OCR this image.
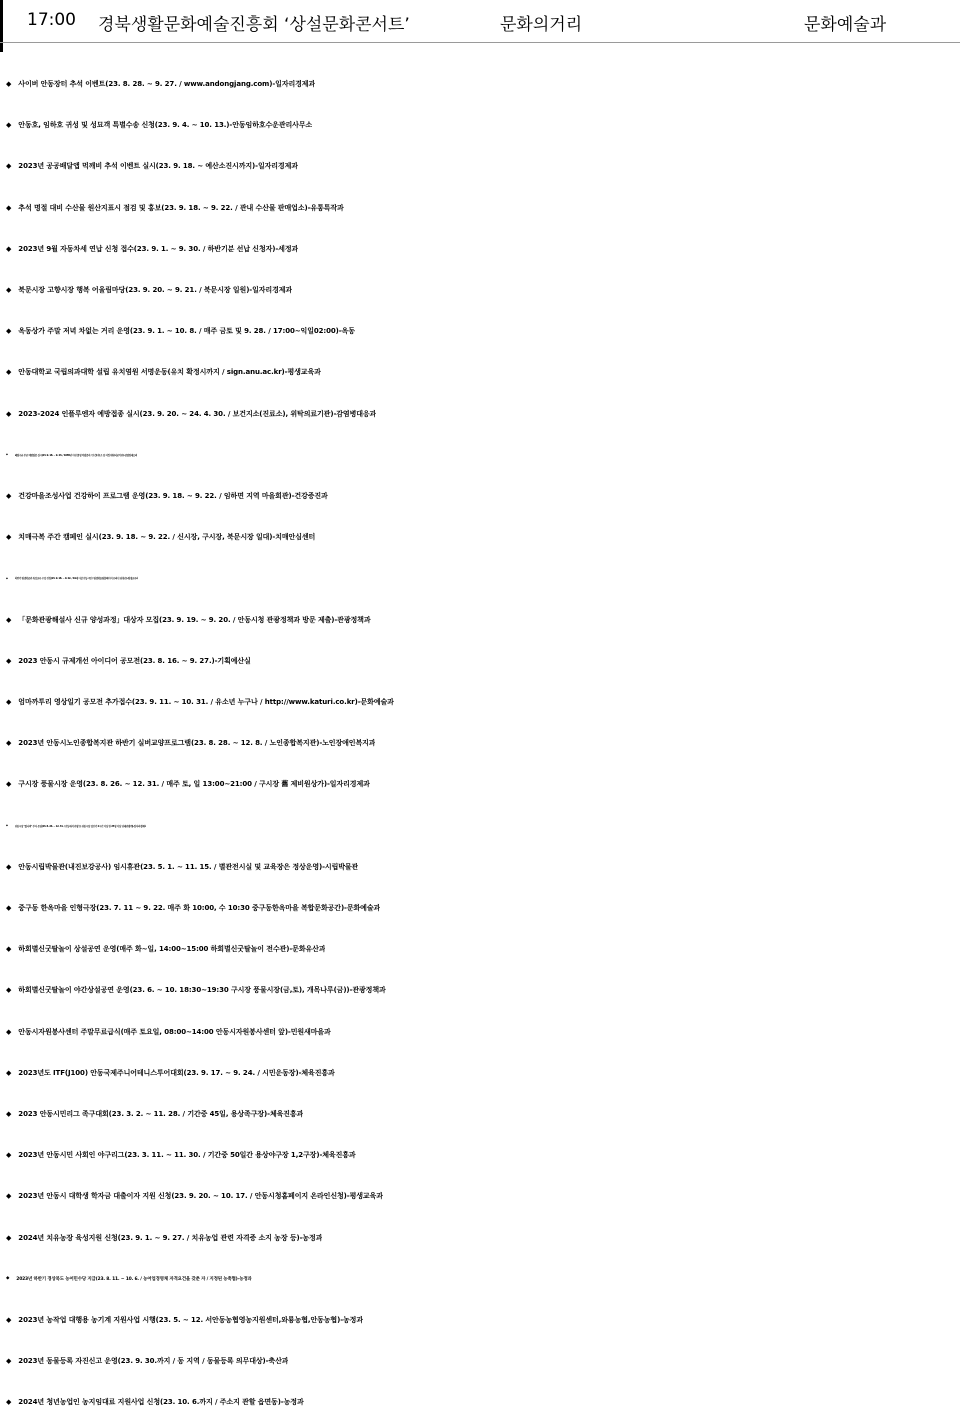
17:00 경북생활문화예술진흥회 ‘상설문화콘서트’	문화의거리	문화예술과
◆ 사이버 안동장터 추석 이벤트(23. 8. 28. ~ 9. 27. / www.andongjang.com)-일자리경제과
◆ 안동호, 임하호 귀성 및 성묘객 특별수송 신청(23. 9. 4. ~ 10. 13.)-안동임하호수운관리사무소
◆ 2023년 공공배달앱 먹깨비 추석 이벤트 실시(23. 9. 18. ~ 예산소진시까지)-일자리경제과
◆ 추석 명절 대비 수산물 원산지표시 점검 및 홍보(23. 9. 18. ~ 9. 22. / 관내 수산물 판매업소)-유통특작과
◆ 2023년 9월 자동차세 연납 신청 접수(23. 9. 1. ~ 9. 30. / 하반기분 선납 신청자)-세정과
◆ 북문시장 고향시장 행복 어울림마당(23. 9. 20. ~ 9. 21. / 북문시장 일원)-일자리경제과
◆ 옥동상가 주말 저녁 차없는 거리 운영(23. 9. 1. ~ 10. 8. / 매주 금토 및 9. 28. / 17:00~익일02:00)-옥동
◆ 안동대학교 국립의과대학 설립 유치염원 서명운동(유치 확정시까지 / sign.anu.ac.kr)-평생교육과
◆ 2023-2024 인플루엔자 예방접종 실시(23. 9. 20. ~ 24. 4. 30. / 보건지소(진료소), 위탁의료기관)-감염병대응과
◆	폐렴구균 무료 예방접종 실시(23. 9. 18. ~ 9. 23. / 1958년 이전 출생 미접종자 / 보건(지)소 및 지정 위탁의료기관)-감염병대응과
◆ 건강마을조성사업 건강하이 프로그램 운영(23. 9. 18. ~ 9. 22. / 임하면 지역 마을회관)-건강증진과
◆ 치매극복 주간 캠페인 실시(23. 9. 18. ~ 9. 22. / 신시장, 구시장, 북문시장 일대)-치매안심센터
◆	하반기 평생학습관 특강교육 수강 신청(23. 9. 18. ~ 9. 22. / 19세 이상 안동시민 / 평생학습원홈페이지 온라인 선착순)-평생교육과
◆ 「문화관광해설사 신규 양성과정」대상자 모집(23. 9. 19. ~ 9. 20. / 안동시청 관광정책과 방문 제출)-관광정책과
◆ 2023 안동시 규제개선 아이디어 공모전(23. 8. 16. ~ 9. 27.)-기획예산실
◆ 엄마까투리 영상일기 공모전 추가접수(23. 9. 11. ~ 10. 31. / 유소년 누구나 / http://www.katuri.co.kr)-문화예술과
◆ 2023년 안동시노인종합복지관 하반기 실버교양프로그램(23. 8. 28. ~ 12. 8. / 노인종합복지관)-노인장애인복지과
◆ 구시장 풍물시장 운영(23. 8. 26. ~ 12. 31. / 매주 토, 일 13:00~21:00 / 구시장 舊 제비원상가)-일자리경제과
◆	전통시장 "왔니껴" 투어 운영(23. 8. 26. ~ 12. 31. / 안동에서 관광 후 전통시장 장보기 2시간 이상 한 25명 이상 단체관광객)-일자리경제과
◆ 안동시립박물관(내진보강공사) 임시휴관(23. 5. 1. ~ 11. 15. / 별관전시실 및 교육장은 정상운영)-시립박물관
◆ 중구동 한옥마을 인형극장(23. 7. 11 ~ 9. 22. 매주 화 10:00, 수 10:30 중구동한옥마을 복합문화공간)-문화예술과
◆ 하회별신굿탈놀이 상설공연 운영(매주 화~일, 14:00~15:00 하회별신굿탈놀이 전수관)-문화유산과
◆ 하회별신굿탈놀이 야간상설공연 운영(23. 6. ~ 10. 18:30~19:30 구시장 풍물시장(금,토), 개목나루(금))-관광정책과
◆ 안동시자원봉사센터 주말무료급식(매주 토요일, 08:00~14:00 안동시자원봉사센터 앞)-민원새마을과
◆ 2023년도 ITF(J100) 안동국제주니어테니스투어대회(23. 9. 17. ~ 9. 24. / 시민운동장)-체육진흥과
◆ 2023 안동시민리그 족구대회(23. 3. 2. ~ 11. 28. / 기간중 45일, 용상족구장)-체육진흥과
◆ 2023년 안동시민 사회인 야구리그(23. 3. 11. ~ 11. 30. / 기간중 50일간 용상야구장 1,2구장)-체육진흥과
◆ 2023년 안동시 대학생 학자금 대출이자 지원 신청(23. 9. 20. ~ 10. 17. / 안동시청홈페이지 온라인신청)-평생교육과
◆ 2024년 치유농장 육성지원 신청(23. 9. 1. ~ 9. 27. / 치유농업 관련 자격증 소지 농장 등)-농정과
◆ 2023년 하반기 경상북도 농어민수당 지급(23. 8. 11. ~ 10. 6. / 농어업경영체 자격요건을 갖춘 자 / 지정된 농축협)-농정과
◆ 2023년 농작업 대행용 농기계 지원사업 시행(23. 5. ~ 12. 서안동농협영농지원센터,와룡농협,안동농협)-농정과
◆ 2023년 동물등록 자진신고 운영(23. 9. 30.까지 / 동 지역 / 동물등록 의무대상)-축산과
◆ 2024년 청년농업인 농지임대료 지원사업 신청(23. 10. 6.까지 / 주소지 관할 읍면동)-농정과
